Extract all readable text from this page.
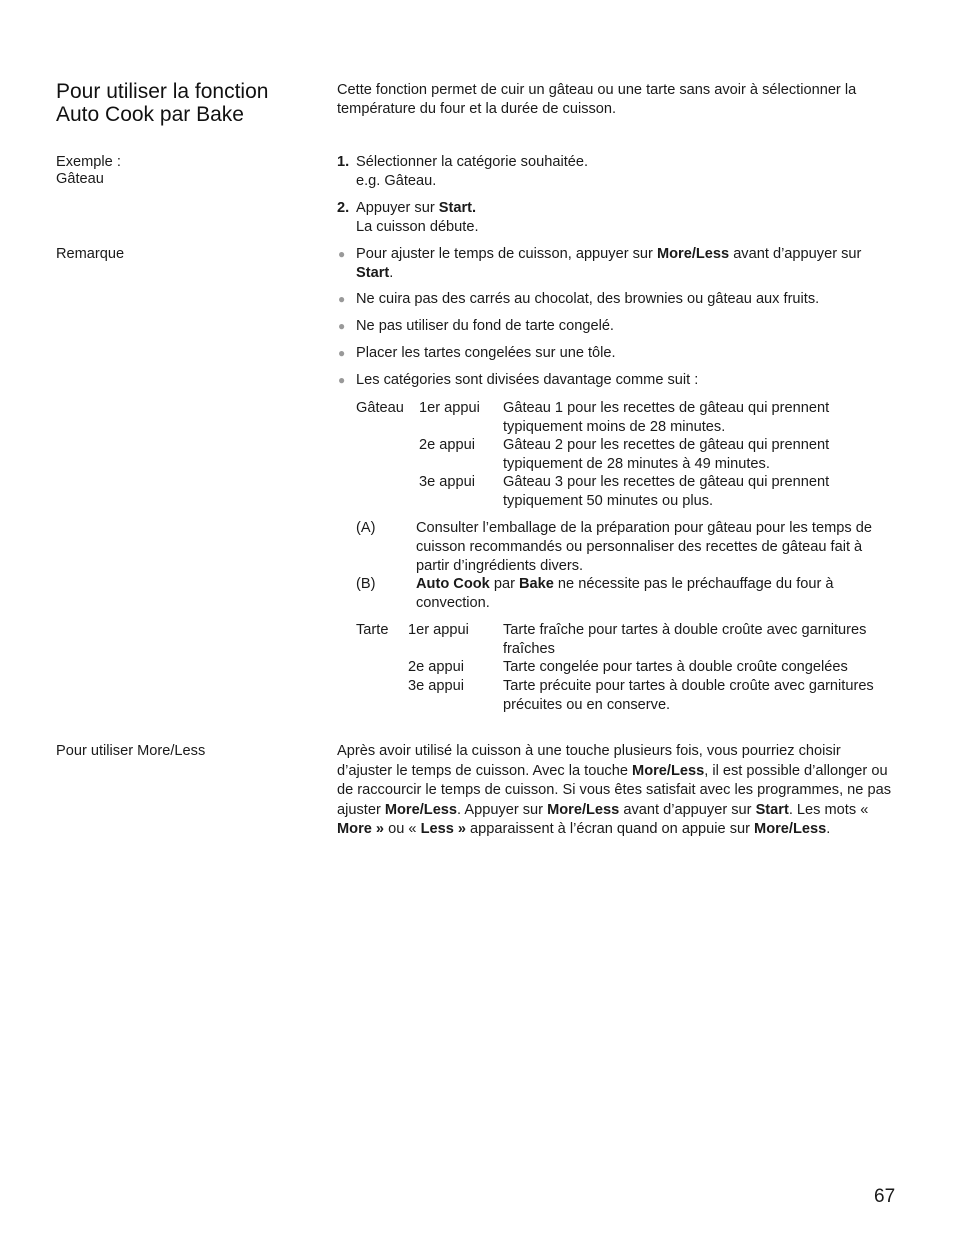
Pour utiliser la fonction
Auto Cook par Bake
Cette fonction permet de cuir un gâteau ou une tarte sans avoir à sélectionner la température du four et la durée de cuisson.
Exemple :
Gâteau
1. Sélectionner la catégorie souhaitée.
e.g. Gâteau.
2. Appuyer sur Start.
La cuisson débute.
Remarque	● Pour ajuster le temps de cuisson, appuyer sur More/Less avant d’appuyer sur Start.
● Ne cuira pas des carrés au chocolat, des brownies ou gâteau aux fruits.
● Ne pas utiliser du fond de tarte congelé.
● Placer les tartes congelées sur une tôle.
● Les catégories sont divisées davantage comme suit :
Gâteau 1er appui Gâteau 1 pour les recettes de gâteau qui prennent typiquement moins de 28 minutes.
2e appui Gâteau 2 pour les recettes de gâteau qui prennent typiquement de 28 minutes à 49 minutes.
3e appui Gâteau 3 pour les recettes de gâteau qui prennent typiquement 50 minutes ou plus.
(A)	Consulter l’emballage de la préparation pour gâteau pour les temps de cuisson recommandés ou personnaliser des recettes de gâteau fait à partir d’ingrédients divers.
(B)	Auto Cook par Bake ne nécessite pas le préchauffage du four à convection.
Tarte 1er appui Tarte fraîche pour tartes à double croûte avec garnitures fraîches
2e appui	Tarte congelée pour tartes à double croûte congelées
3e appui	Tarte précuite pour tartes à double croûte avec garnitures précuites ou en conserve.
Pour utiliser More/Less	Après avoir utilisé la cuisson à une touche plusieurs fois, vous pourriez choisir d’ajuster le temps de cuisson. Avec la touche More/Less, il est possible d’allonger ou de raccourcir le temps de cuisson. Si vous êtes satisfait avec les programmes, ne pas ajuster More/Less. Appuyer sur More/Less avant d’appuyer sur Start. Les mots « More » ou « Less » apparaissent à l’écran quand on appuie sur More/Less.
67
